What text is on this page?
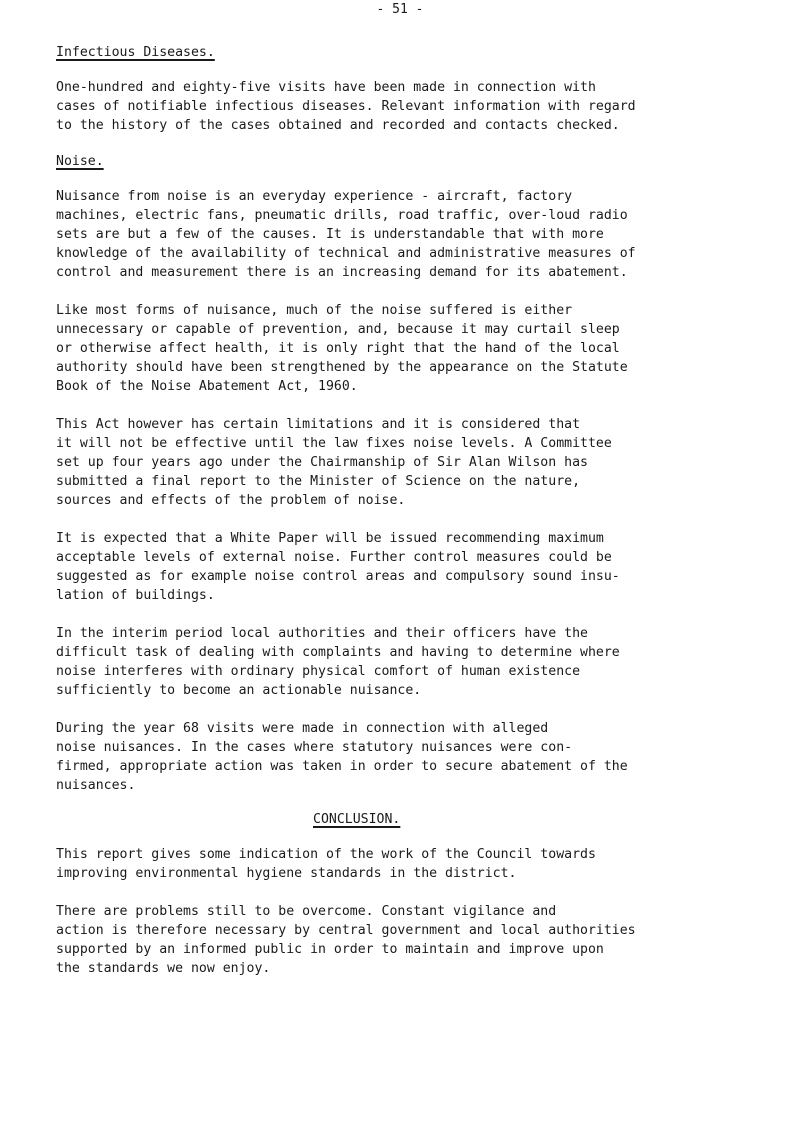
- 51 -
Infectious Diseases.
One-hundred and eighty-five visits have been made in connection with
cases of notifiable infectious diseases. Relevant information with regard
to the history of the cases obtained and recorded and contacts checked.
Noise.
Nuisance from noise is an everyday experience - aircraft, factory
machines, electric fans, pneumatic drills, road traffic, over-loud radio
sets are but a few of the causes. It is understandable that with more
knowledge of the availability of technical and administrative measures of
control and measurement there is an increasing demand for its abatement.
Like most forms of nuisance, much of the noise suffered is either
unnecessary or capable of prevention, and, because it may curtail sleep
or otherwise affect health, it is only right that the hand of the local
authority should have been strengthened by the appearance on the Statute
Book of the Noise Abatement Act, 1960.
This Act however has certain limitations and it is considered that
it will not be effective until the law fixes noise levels. A Committee
set up four years ago under the Chairmanship of Sir Alan Wilson has
submitted a final report to the Minister of Science on the nature,
sources and effects of the problem of noise.
It is expected that a White Paper will be issued recommending maximum
acceptable levels of external noise. Further control measures could be
suggested as for example noise control areas and compulsory sound insu-
lation of buildings.
In the interim period local authorities and their officers have the
difficult task of dealing with complaints and having to determine where
noise interferes with ordinary physical comfort of human existence
sufficiently to become an actionable nuisance.
During the year 68 visits were made in connection with alleged
noise nuisances. In the cases where statutory nuisances were con-
firmed, appropriate action was taken in order to secure abatement of the
nuisances.
CONCLUSION.
This report gives some indication of the work of the Council towards
improving environmental hygiene standards in the district.
There are problems still to be overcome. Constant vigilance and
action is therefore necessary by central government and local authorities
supported by an informed public in order to maintain and improve upon
the standards we now enjoy.
